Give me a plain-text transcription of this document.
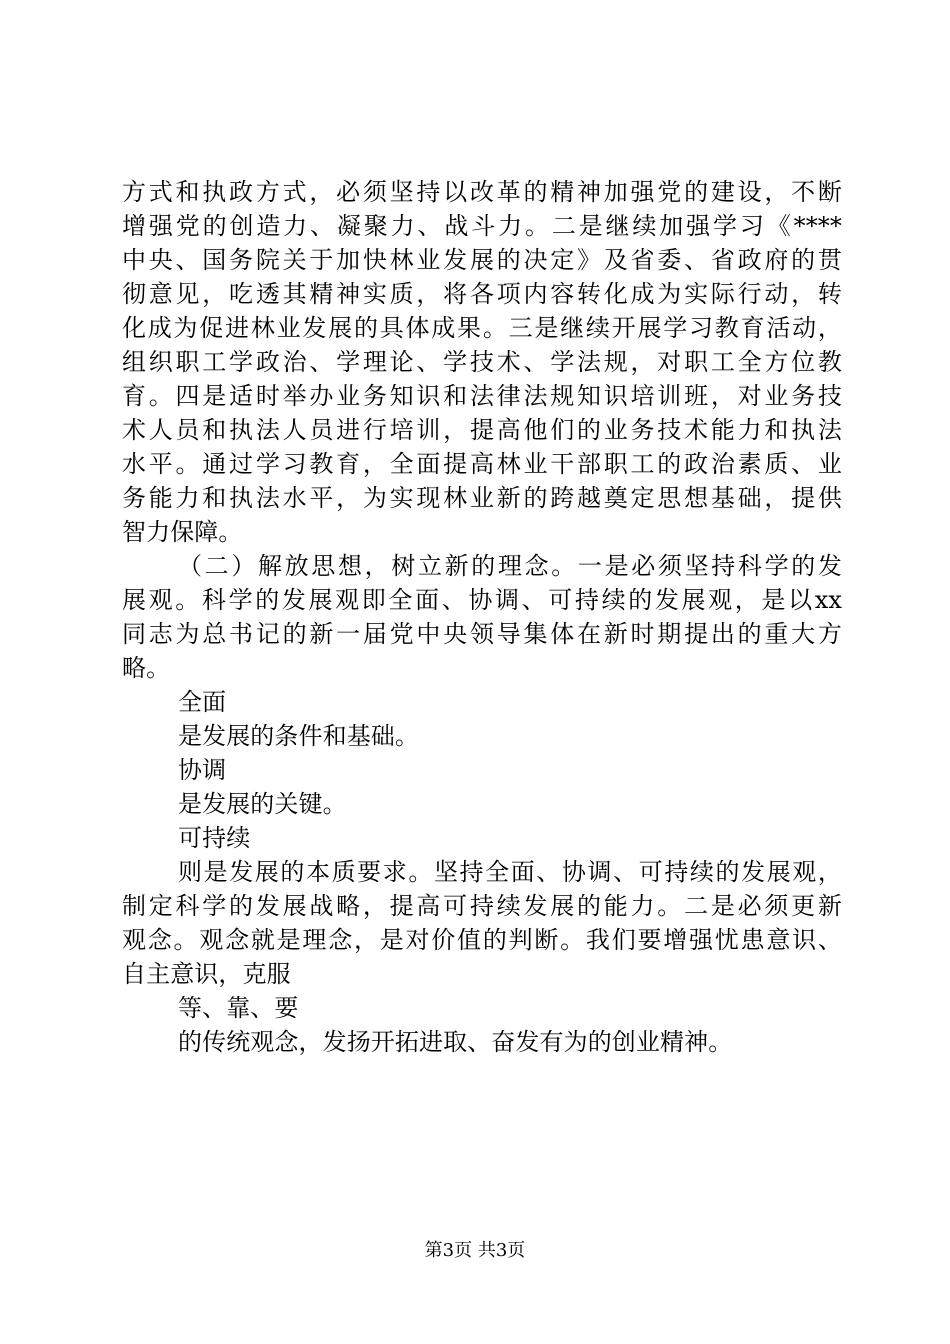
方式和执政方式，必须坚持以改革的精神加强党的建设，不断
增强党的创造力、凝聚力、战斗力。二是继续加强学习《****
中央、国务院关于加快林业发展的决定》及省委、省政府的贯
彻意见，吃透其精神实质，将各项内容转化成为实际行动，转
化成为促进林业发展的具体成果。三是继续开展学习教育活动，
组织职工学政治、学理论、学技术、学法规，对职工全方位教
育。四是适时举办业务知识和法律法规知识培训班，对业务技
术人员和执法人员进行培训，提高他们的业务技术能力和执法
水平。通过学习教育，全面提高林业干部职工的政治素质、业
务能力和执法水平，为实现林业新的跨越奠定思想基础，提供
智力保障。
（二）解放思想，树立新的理念。一是必须坚持科学的发
展观。科学的发展观即全面、协调、可持续的发展观，是以xx
同志为总书记的新一届党中央领导集体在新时期提出的重大方
略。
全面
是发展的条件和基础。
协调
是发展的关键。
可持续
则是发展的本质要求。坚持全面、协调、可持续的发展观，
制定科学的发展战略，提高可持续发展的能力。二是必须更新
观念。观念就是理念，是对价值的判断。我们要增强忧患意识、
自主意识，克服
等、靠、要
的传统观念，发扬开拓进取、奋发有为的创业精神。
第3页 共3页
